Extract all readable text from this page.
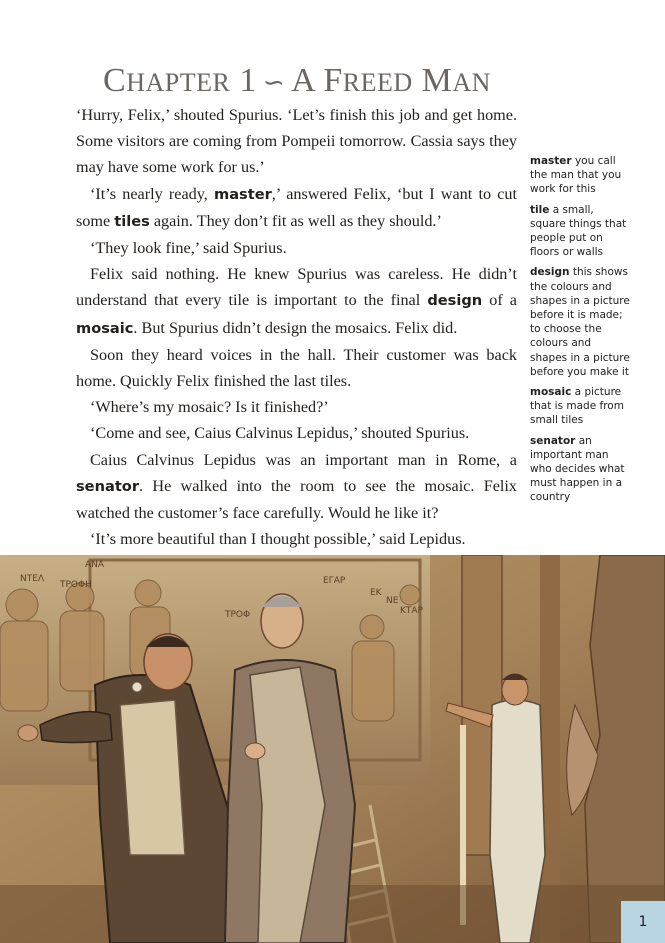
CHAPTER 1 ∽ A FREED MAN

‘Hurry, Felix,’ shouted Spurius. ‘Let’s finish this job and get home. Some visitors are coming from Pompeii tomorrow. Cassia says they may have some work for us.’

‘It’s nearly ready, master,’ answered Felix, ‘but I want to cut some tiles again. They don’t fit as well as they should.’

‘They look fine,’ said Spurius.

Felix said nothing. He knew Spurius was careless. He didn’t understand that every tile is important to the final design of a mosaic. But Spurius didn’t design the mosaics. Felix did.

Soon they heard voices in the hall. Their customer was back home. Quickly Felix finished the last tiles.

‘Where’s my mosaic? Is it finished?’

‘Come and see, Caius Calvinus Lepidus,’ shouted Spurius.

Caius Calvinus Lepidus was an important man in Rome, a senator. He walked into the room to see the mosaic. Felix watched the customer’s face carefully. Would he like it?

‘It’s more beautiful than I thought possible,’ said Lepidus.

master you call the man that you work for this
tile a small, square things that people put on floors or walls
design this shows the colours and shapes in a picture before it is made; to choose the colours and shapes in a picture before you make it
mosaic a picture that is made from small tiles
senator an important man who decides what must happen in a country
ΑΝΑ
ΤΡΟΦΗ
ΝΤΕΛ
ΤΡΟΦ
ΕΓΑΡ
ΕΚ
ΝΕ
ΚΤΑΡ
1
